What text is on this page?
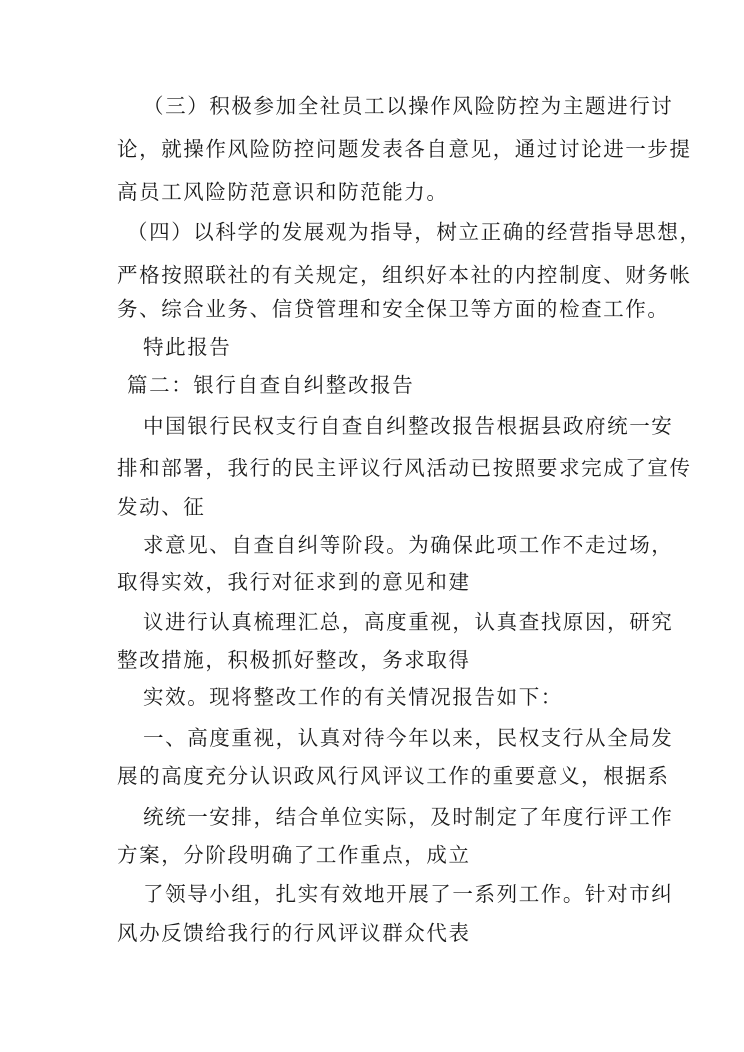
（三）积极参加全社员工以操作风险防控为主题进行讨
论，就操作风险防控问题发表各自意见，通过讨论进一步提
高员工风险防范意识和防范能力。
（四）以科学的发展观为指导，树立正确的经营指导思想，
严格按照联社的有关规定，组织好本社的内控制度、财务帐
务、综合业务、信贷管理和安全保卫等方面的检查工作。
特此报告
篇二：银行自查自纠整改报告
中国银行民权支行自查自纠整改报告根据县政府统一安
排和部署，我行的民主评议行风活动已按照要求完成了宣传
发动、征
求意见、自查自纠等阶段。为确保此项工作不走过场，
取得实效，我行对征求到的意见和建
议进行认真梳理汇总，高度重视，认真查找原因，研究
整改措施，积极抓好整改，务求取得
实效。现将整改工作的有关情况报告如下：
一、高度重视，认真对待今年以来，民权支行从全局发
展的高度充分认识政风行风评议工作的重要意义，根据系
统统一安排，结合单位实际，及时制定了年度行评工作
方案，分阶段明确了工作重点，成立
了领导小组，扎实有效地开展了一系列工作。针对市纠
风办反馈给我行的行风评议群众代表
